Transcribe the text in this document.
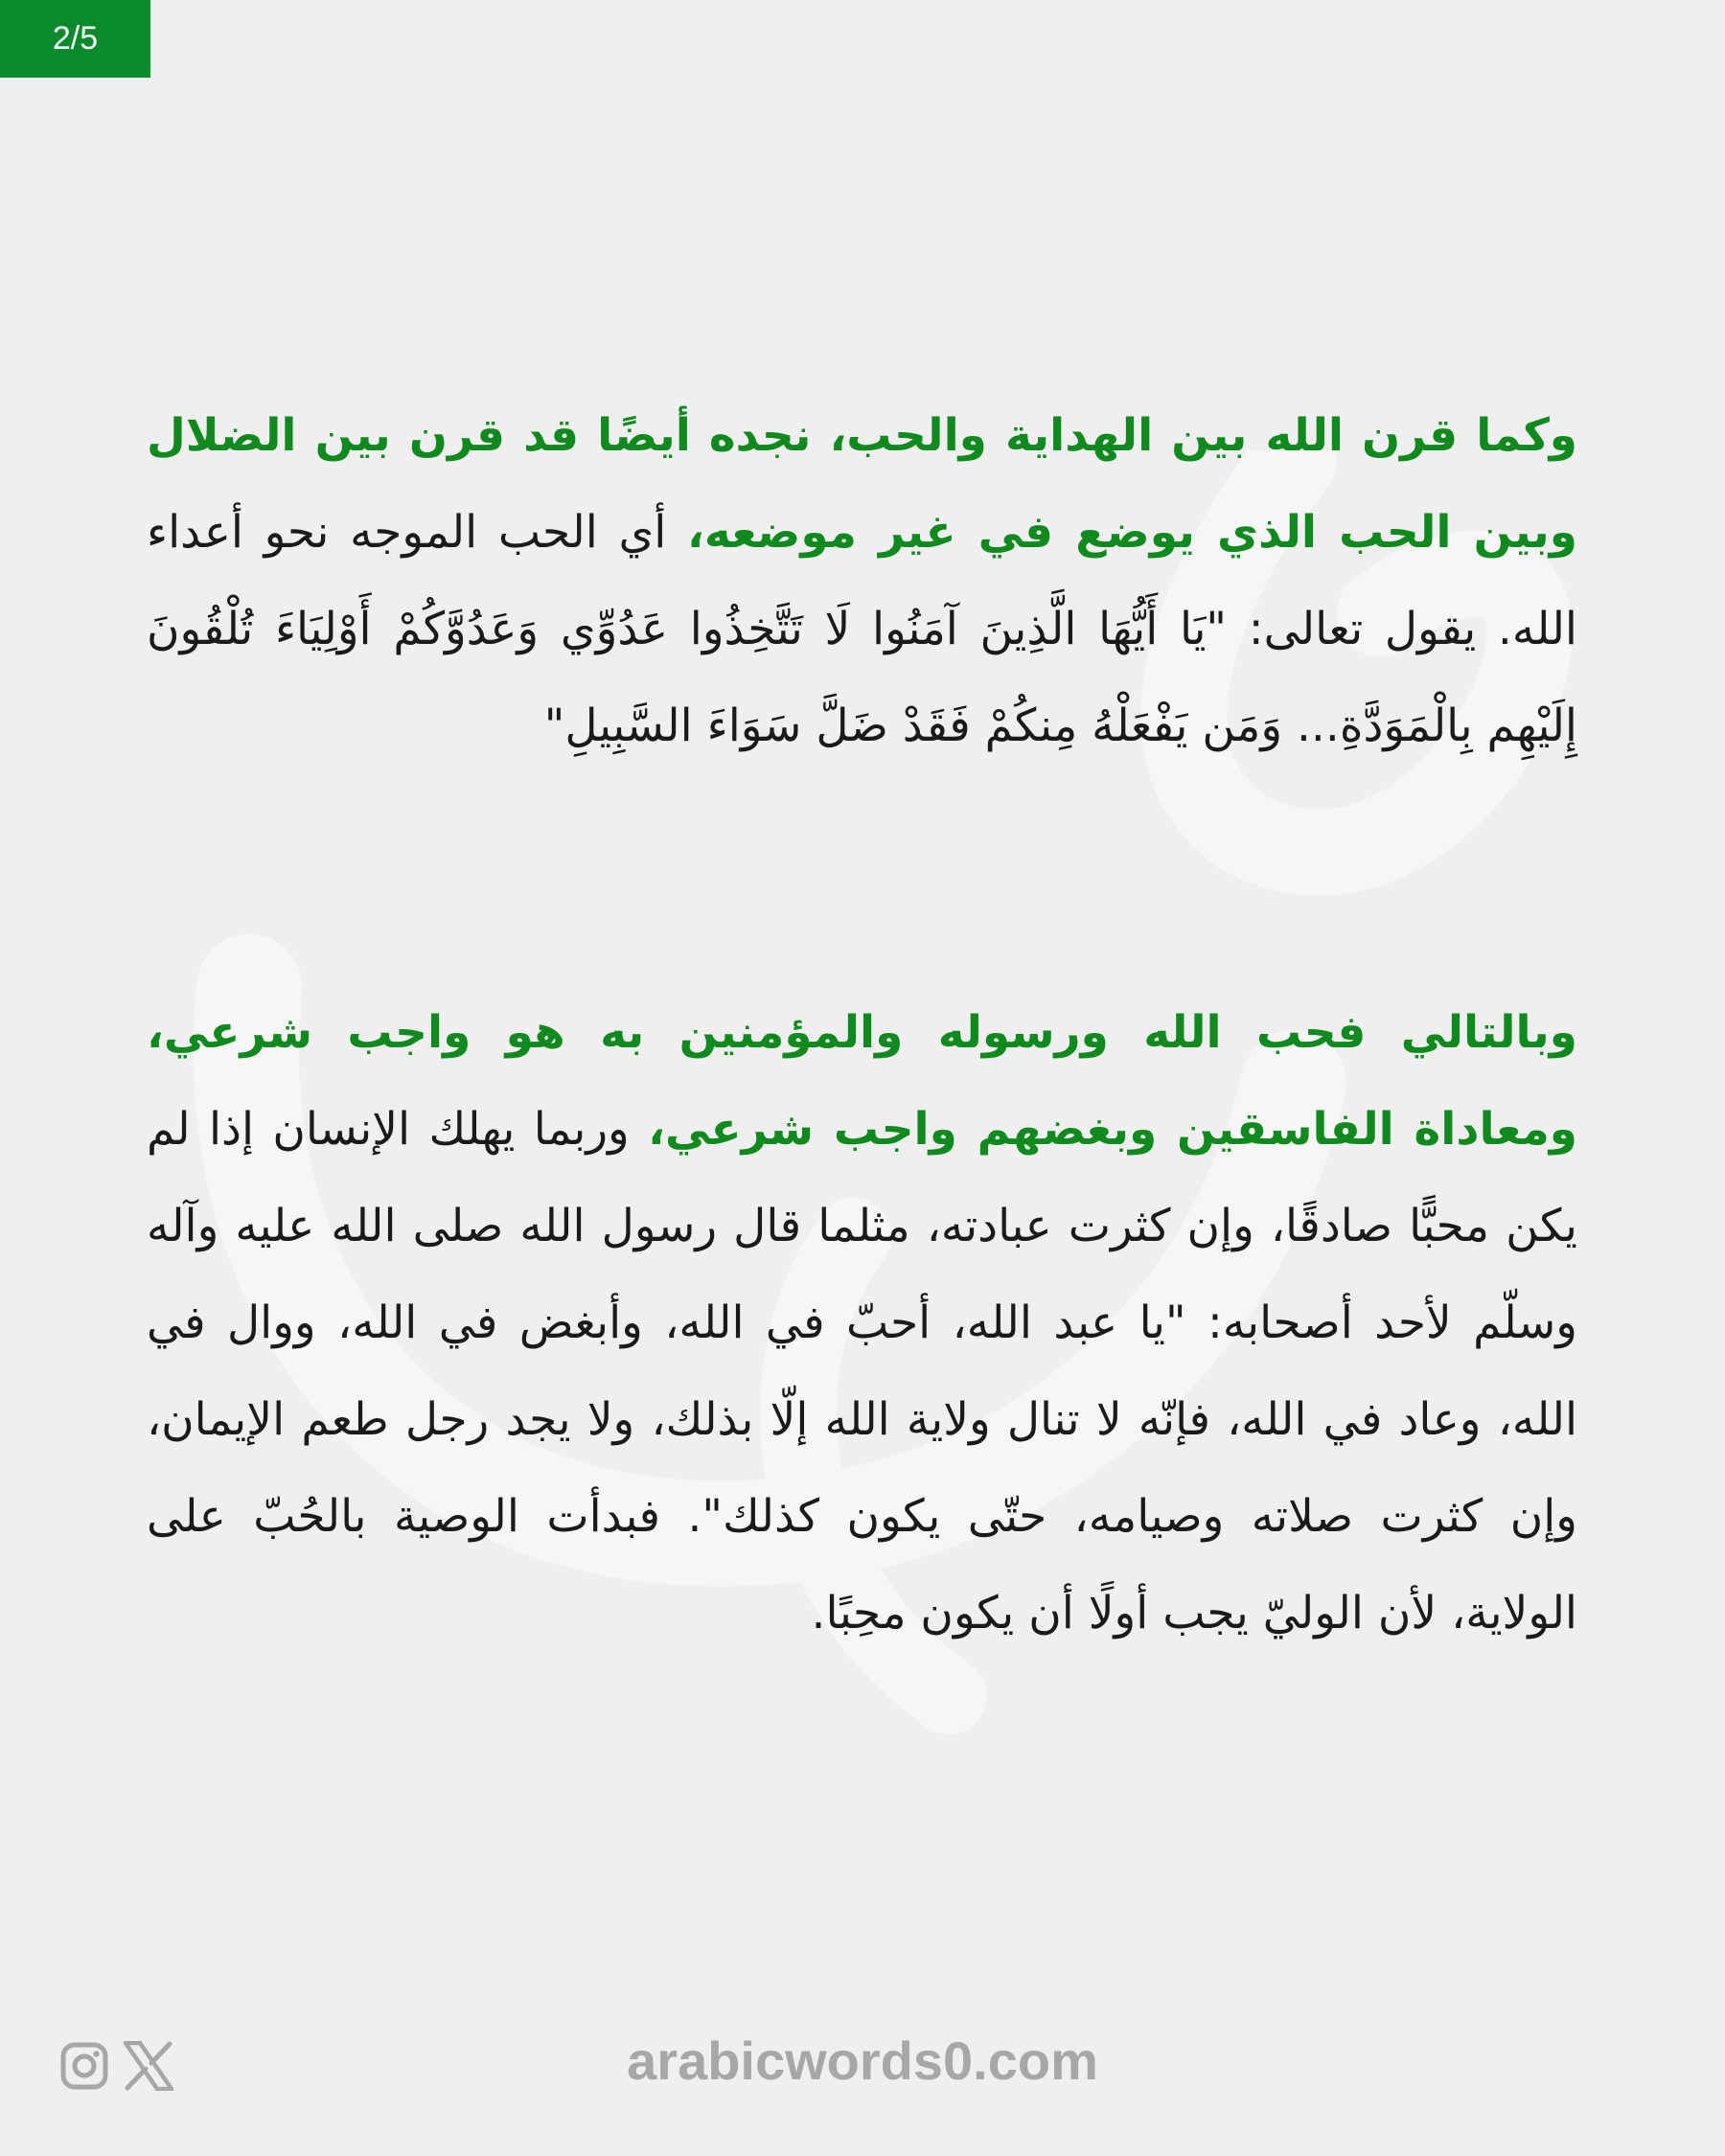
2/5
وكما قرن الله بين الهداية والحب، نجده أيضًا قد قرن بين الضلال وبين الحب الذي يوضع في غير موضعه، أي الحب الموجه نحو أعداء الله. يقول تعالى: "يَا أَيُّهَا الَّذِينَ آمَنُوا لَا تَتَّخِذُوا عَدُوِّي وَعَدُوَّكُمْ أَوْلِيَاءَ تُلْقُونَ إِلَيْهِم بِالْمَوَدَّةِ... وَمَن يَفْعَلْهُ مِنكُمْ فَقَدْ ضَلَّ سَوَاءَ السَّبِيلِ"
وبالتالي فحب الله ورسوله والمؤمنين به هو واجب شرعي، ومعاداة الفاسقين وبغضهم واجب شرعي، وربما يهلك الإنسان إذا لم يكن محبًّا صادقًا، وإن كثرت عبادته، مثلما قال رسول الله صلى الله عليه وآله وسلّم لأحد أصحابه: "يا عبد الله، أحبّ في الله، وأبغض في الله، ووال في الله، وعاد في الله، فإنّه لا تنال ولاية الله إلّا بذلك، ولا يجد رجل طعم الإيمان، وإن كثرت صلاته وصيامه، حتّى يكون كذلك". فبدأت الوصية بالحُبّ على الولاية، لأن الوليّ يجب أولًا أن يكون محِبًا.
arabicwords0.com
